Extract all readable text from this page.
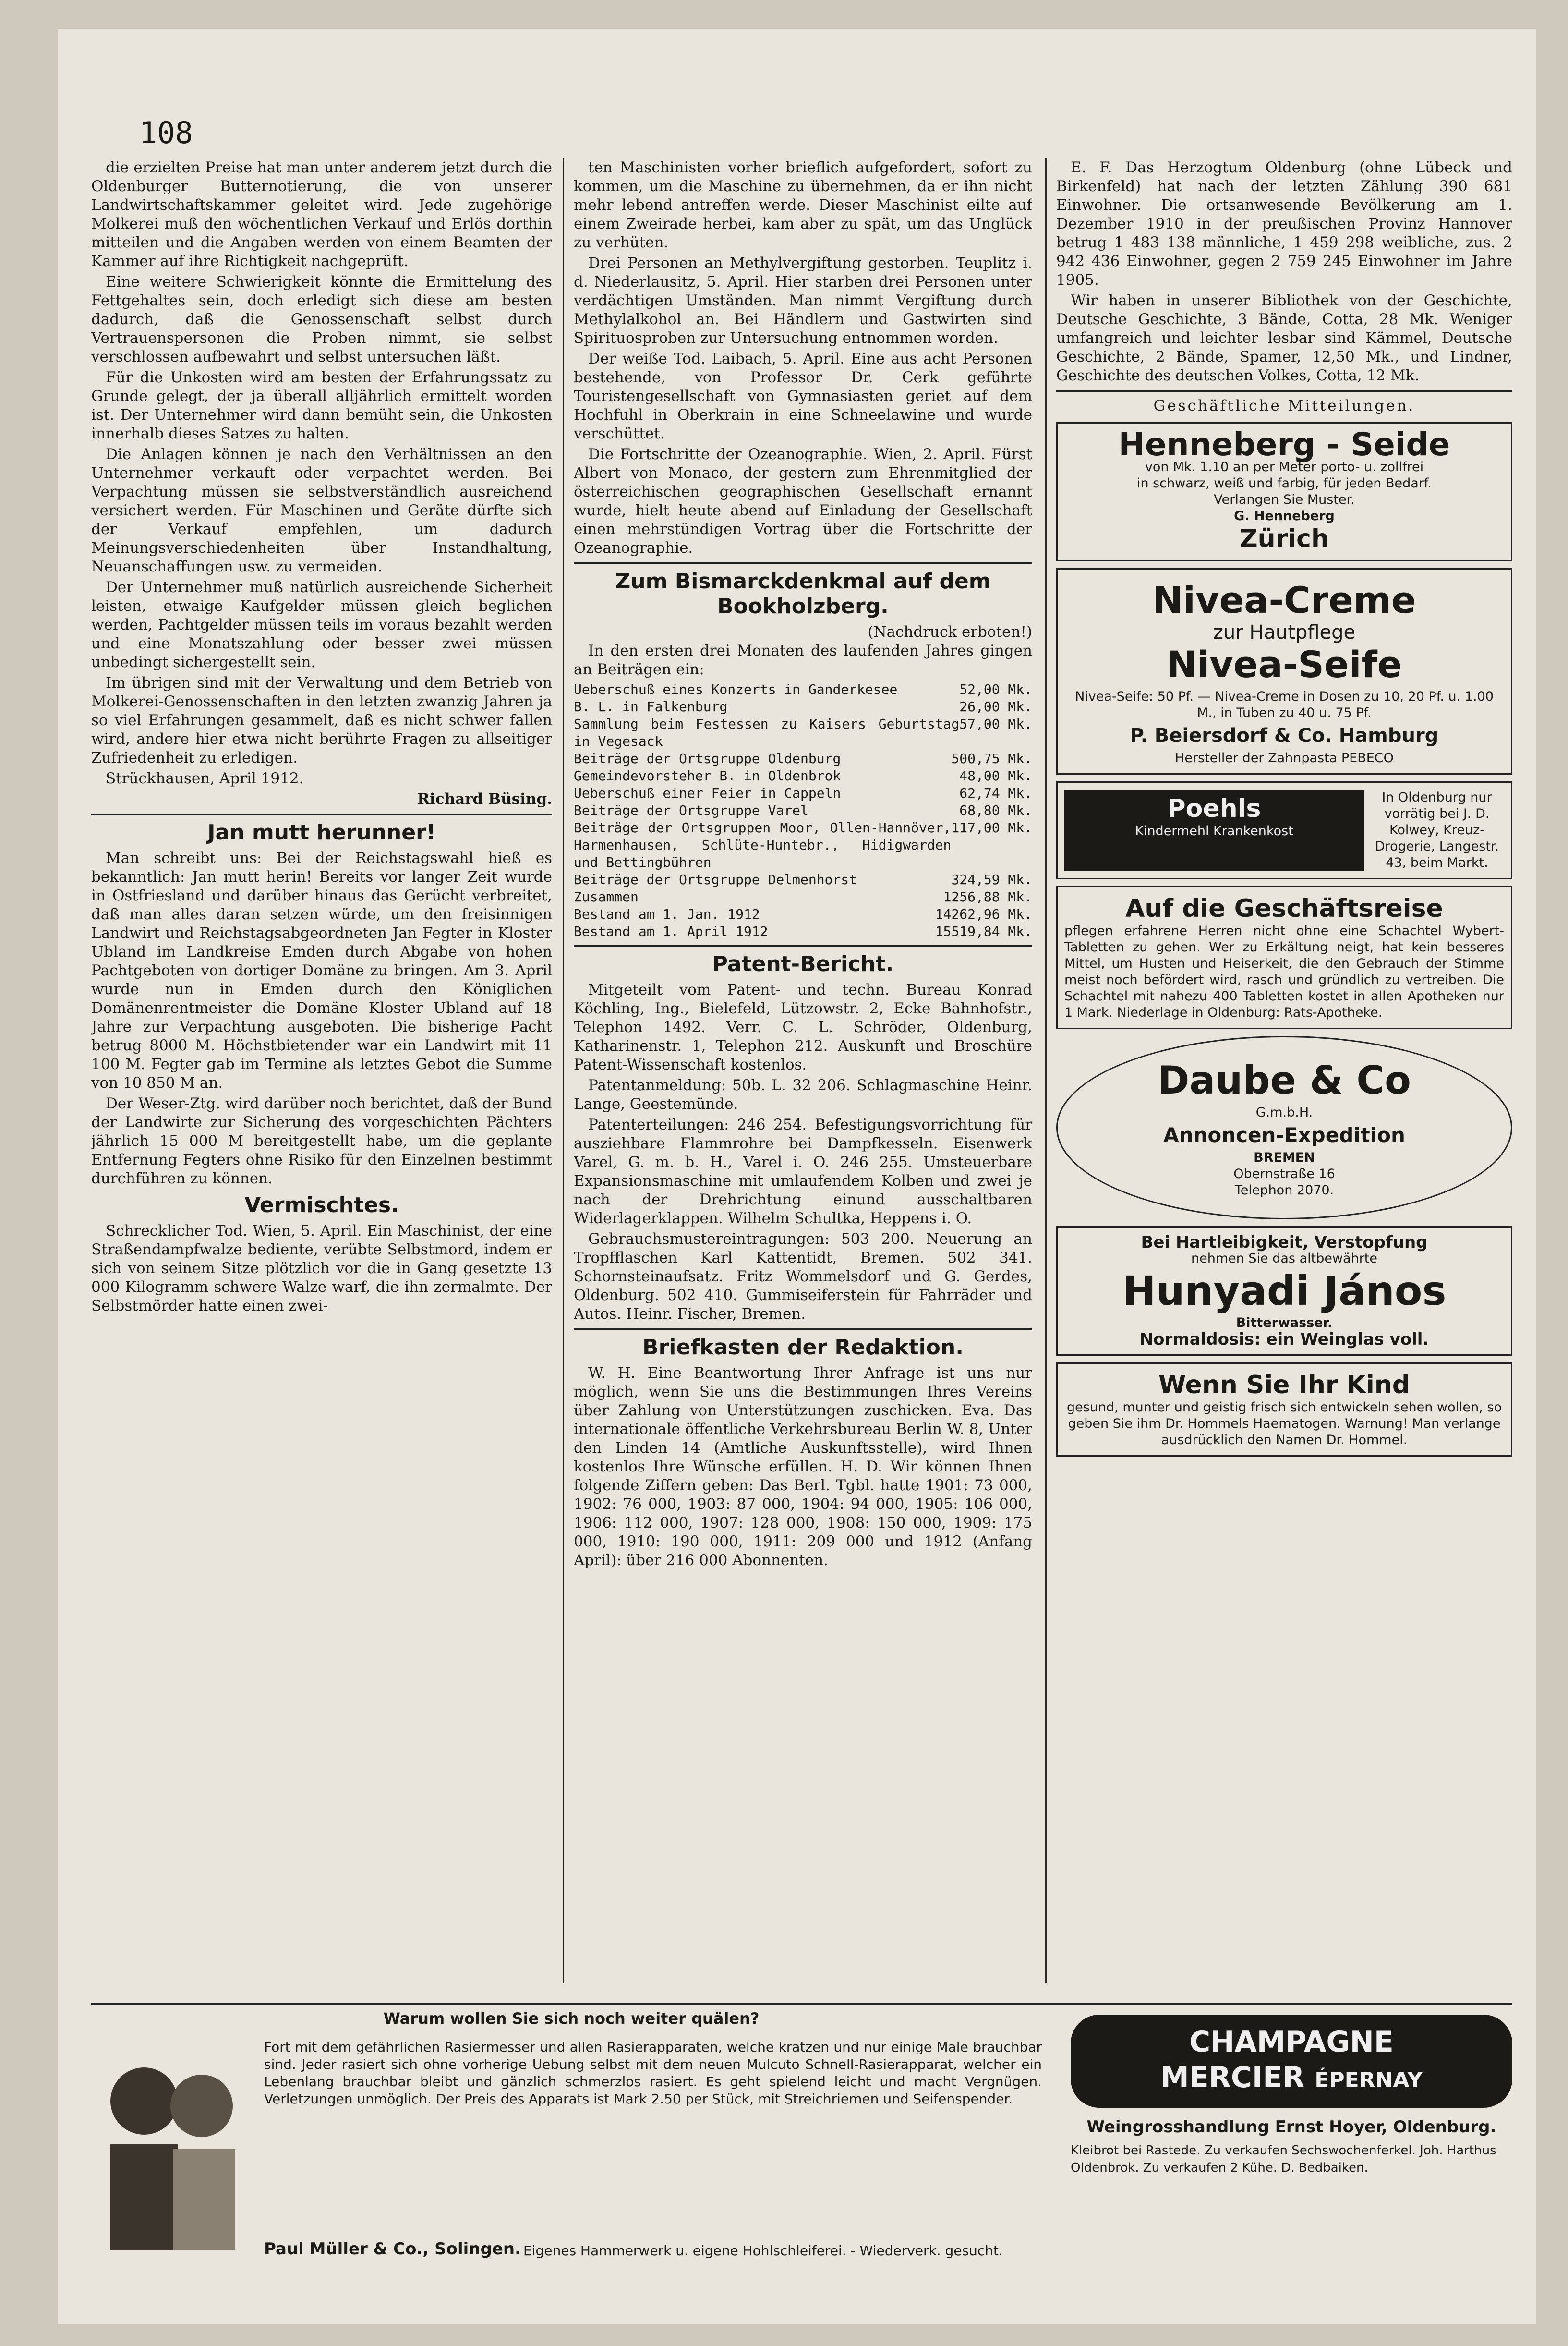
108

die erzielten Preise hat man unter anderem jetzt durch die Oldenburger Butternotierung, die von unserer Landwirtschaftskammer geleitet wird. Jede zugehörige Molkerei muß den wöchentlichen Verkauf und Erlös dorthin mitteilen und die Angaben werden von einem Beamten der Kammer auf ihre Richtigkeit nachgeprüft.

Eine weitere Schwierigkeit könnte die Ermittelung des Fettgehaltes sein, doch erledigt sich diese am besten dadurch, daß die Genossenschaft selbst durch Vertrauenspersonen die Proben nimmt, sie selbst verschlossen aufbewahrt und selbst untersuchen läßt.

Für die Unkosten wird am besten der Erfahrungssatz zu Grunde gelegt, der ja überall alljährlich ermittelt worden ist. Der Unternehmer wird dann bemüht sein, die Unkosten innerhalb dieses Satzes zu halten.

Die Anlagen können je nach den Verhältnissen an den Unternehmer verkauft oder verpachtet werden. Bei Verpachtung müssen sie selbstverständlich ausreichend versichert werden. Für Maschinen und Geräte dürfte sich der Verkauf empfehlen, um dadurch Meinungsverschiedenheiten über Instandhaltung, Neuanschaffungen usw. zu vermeiden.

Der Unternehmer muß natürlich ausreichende Sicherheit leisten, etwaige Kaufgelder müssen gleich beglichen werden, Pachtgelder müssen teils im voraus bezahlt werden und eine Monatszahlung oder besser zwei müssen unbedingt sichergestellt sein.

Im übrigen sind mit der Verwaltung und dem Betrieb von Molkerei-Genossenschaften in den letzten zwanzig Jahren ja so viel Erfahrungen gesammelt, daß es nicht schwer fallen wird, andere hier etwa nicht berührte Fragen zu allseitiger Zufriedenheit zu erledigen.

Strückhausen, April 1912.

Richard Büsing.
Jan mutt herunner!

Man schreibt uns: Bei der Reichstagswahl hieß es bekanntlich: Jan mutt herin! Bereits vor langer Zeit wurde in Ostfriesland und darüber hinaus das Gerücht verbreitet, daß man alles daran setzen würde, um den freisinnigen Landwirt und Reichstagsabgeordneten Jan Fegter in Kloster Ubland im Landkreise Emden durch Abgabe von hohen Pachtgeboten von dortiger Domäne zu bringen. Am 3. April wurde nun in Emden durch den Königlichen Domänenrentmeister die Domäne Kloster Ubland auf 18 Jahre zur Verpachtung ausgeboten. Die bisherige Pacht betrug 8000 M. Höchstbietender war ein Landwirt mit 11 100 M. Fegter gab im Termine als letztes Gebot die Summe von 10 850 M an.

Der Weser-Ztg. wird darüber noch berichtet, daß der Bund der Landwirte zur Sicherung des vorgeschichten Pächters jährlich 15 000 M bereitgestellt habe, um die geplante Entfernung Fegters ohne Risiko für den Einzelnen bestimmt durchführen zu können.

Vermischtes.

Schrecklicher Tod. Wien, 5. April. Ein Maschinist, der eine Straßendampfwalze bediente, verübte Selbstmord, indem er sich von seinem Sitze plötzlich vor die in Gang gesetzte 13 000 Kilogramm schwere Walze warf, die ihn zermalmte. Der Selbstmörder hatte einen zwei-

ten Maschinisten vorher brieflich aufgefordert, sofort zu kommen, um die Maschine zu übernehmen, da er ihn nicht mehr lebend antreffen werde. Dieser Maschinist eilte auf einem Zweirade herbei, kam aber zu spät, um das Unglück zu verhüten.

Drei Personen an Methylvergiftung gestorben. Teuplitz i. d. Niederlausitz, 5. April. Hier starben drei Personen unter verdächtigen Umständen. Man nimmt Vergiftung durch Methylalkohol an. Bei Händlern und Gastwirten sind Spirituosproben zur Untersuchung entnommen worden.

Der weiße Tod. Laibach, 5. April. Eine aus acht Personen bestehende, von Professor Dr. Cerk geführte Touristengesellschaft von Gymnasiasten geriet auf dem Hochfuhl in Oberkrain in eine Schneelawine und wurde verschüttet.

Die Fortschritte der Ozeanographie. Wien, 2. April. Fürst Albert von Monaco, der gestern zum Ehrenmitglied der österreichischen geographischen Gesellschaft ernannt wurde, hielt heute abend auf Einladung der Gesellschaft einen mehrstündigen Vortrag über die Fortschritte der Ozeanographie.

Zum Bismarckdenkmal auf dem Bookholzberg.
(Nachdruck erboten!)

In den ersten drei Monaten des laufenden Jahres gingen an Beiträgen ein:

Ueberschuß eines Konzerts in Ganderkesee	52,00 Mk.
B. L. in Falkenburg	26,00 Mk.
Sammlung beim Festessen zu Kaisers Geburtstag in Vegesack
57,00 Mk.
Beiträge der Ortsgruppe Oldenburg	500,75 Mk.
Gemeindevorsteher B. in Oldenbrok	48,00 Mk.
Ueberschuß einer Feier in Cappeln	62,74 Mk.
Beiträge der Ortsgruppe Varel	68,80 Mk.
Beiträge der Ortsgruppen Moor, Ollen-Hannöver, Harmenhausen, Schlüte-Huntebr., Hidigwarden und Bettingbühren
117,00 Mk.
Beiträge der Ortsgruppe Delmenhorst	324,59 Mk.
Zusammen	1256,88 Mk.
Bestand am 1. Jan. 1912	14262,96 Mk.
Bestand am 1. April 1912	15519,84 Mk.
Patent-Bericht.

Mitgeteilt vom Patent- und techn. Bureau Konrad Köchling, Ing., Bielefeld, Lützowstr. 2, Ecke Bahnhofstr., Telephon 1492. Verr. C. L. Schröder, Oldenburg, Katharinenstr. 1, Telephon 212. Auskunft und Broschüre Patent-Wissenschaft kostenlos.

Patentanmeldung: 50b. L. 32 206. Schlagmaschine Heinr. Lange, Geestemünde.

Patenterteilungen: 246 254. Befestigungsvorrichtung für ausziehbare Flammrohre bei Dampfkesseln. Eisenwerk Varel, G. m. b. H., Varel i. O. 246 255. Umsteuerbare Expansionsmaschine mit umlaufendem Kolben und zwei je nach der Drehrichtung einund ausschaltbaren Widerlagerklappen. Wilhelm Schultka, Heppens i. O.

Gebrauchsmustereintragungen: 503 200. Neuerung an Tropfflaschen Karl Kattentidt, Bremen. 502 341. Schornsteinaufsatz. Fritz Wommelsdorf und G. Gerdes, Oldenburg. 502 410. Gummiseiferstein für Fahrräder und Autos. Heinr. Fischer, Bremen.

Briefkasten der Redaktion.

W. H. Eine Beantwortung Ihrer Anfrage ist uns nur möglich, wenn Sie uns die Bestimmungen Ihres Vereins über Zahlung von Unterstützungen zuschicken. Eva. Das internationale öffentliche Verkehrsbureau Berlin W. 8, Unter den Linden 14 (Amtliche Auskunftsstelle), wird Ihnen kostenlos Ihre Wünsche erfüllen. H. D. Wir können Ihnen folgende Ziffern geben: Das Berl. Tgbl. hatte 1901: 73 000, 1902: 76 000, 1903: 87 000, 1904: 94 000, 1905: 106 000, 1906: 112 000, 1907: 128 000, 1908: 150 000, 1909: 175 000, 1910: 190 000, 1911: 209 000 und 1912 (Anfang April): über 216 000 Abonnenten.

E. F. Das Herzogtum Oldenburg (ohne Lübeck und Birkenfeld) hat nach der letzten Zählung 390 681 Einwohner. Die ortsanwesende Bevölkerung am 1. Dezember 1910 in der preußischen Provinz Hannover betrug 1 483 138 männliche, 1 459 298 weibliche, zus. 2 942 436 Einwohner, gegen 2 759 245 Einwohner im Jahre 1905.

Wir haben in unserer Bibliothek von der Geschichte, Deutsche Geschichte, 3 Bände, Cotta, 28 Mk. Weniger umfangreich und leichter lesbar sind Kämmel, Deutsche Geschichte, 2 Bände, Spamer, 12,50 Mk., und Lindner, Geschichte des deutschen Volkes, Cotta, 12 Mk.

Geschäftliche Mitteilungen.
Henneberg - Seide
von Mk. 1.10 an per Meter porto- u. zollfrei
in schwarz, weiß und farbig, für jeden Bedarf.
Verlangen Sie Muster.
G. Henneberg
Zürich
Nivea-Creme
zur Hautpflege
Nivea-Seife
Nivea-Seife: 50 Pf. — Nivea-Creme in Dosen zu 10, 20 Pf. u. 1.00 M., in Tuben zu 40 u. 75 Pf.
P. Beiersdorf & Co. Hamburg
Hersteller der Zahnpasta PEBECO
Poehls
Kindermehl Krankenkost
In Oldenburg nur vorrätig bei J. D. Kolwey, Kreuz-Drogerie, Langestr. 43, beim Markt.
Auf die Geschäftsreise
pflegen erfahrene Herren nicht ohne eine Schachtel Wybert-Tabletten zu gehen. Wer zu Erkältung neigt, hat kein besseres Mittel, um Husten und Heiserkeit, die den Gebrauch der Stimme meist noch befördert wird, rasch und gründlich zu vertreiben. Die Schachtel mit nahezu 400 Tabletten kostet in allen Apotheken nur 1 Mark. Niederlage in Oldenburg: Rats-Apotheke.
Daube & Co
G.m.b.H.
Annoncen-Expedition
BREMEN
Obernstraße 16
Telephon 2070.
Bei Hartleibigkeit, Verstopfung
nehmen Sie das altbewährte
Hunyadi János
Bitterwasser.
Normaldosis: ein Weinglas voll.
Wenn Sie Ihr Kind
gesund, munter und geistig frisch sich entwickeln sehen wollen, so geben Sie ihm Dr. Hommels Haematogen. Warnung! Man verlange ausdrücklich den Namen Dr. Hommel.
Warum wollen Sie sich noch weiter quälen?
Fort mit dem gefährlichen Rasiermesser und allen Rasierapparaten, welche kratzen und nur einige Male brauchbar sind. Jeder rasiert sich ohne vorherige Uebung selbst mit dem neuen Mulcuto Schnell-Rasierapparat, welcher ein Lebenlang brauchbar bleibt und gänzlich schmerzlos rasiert. Es geht spielend leicht und macht Vergnügen. Verletzungen unmöglich. Der Preis des Apparats ist Mark 2.50 per Stück, mit Streichriemen und Seifenspender.
Paul Müller & Co., Solingen. Eigenes Hammerwerk u. eigene Hohlschleiferei. - Wiederverk. gesucht.
CHAMPAGNE
MERCIER ÉPERNAY
Weingrosshandlung Ernst Hoyer, Oldenburg.
Kleibrot bei Rastede. Zu verkaufen Sechswochenferkel. Joh. Harthus
Oldenbrok. Zu verkaufen 2 Kühe. D. Bedbaiken.
